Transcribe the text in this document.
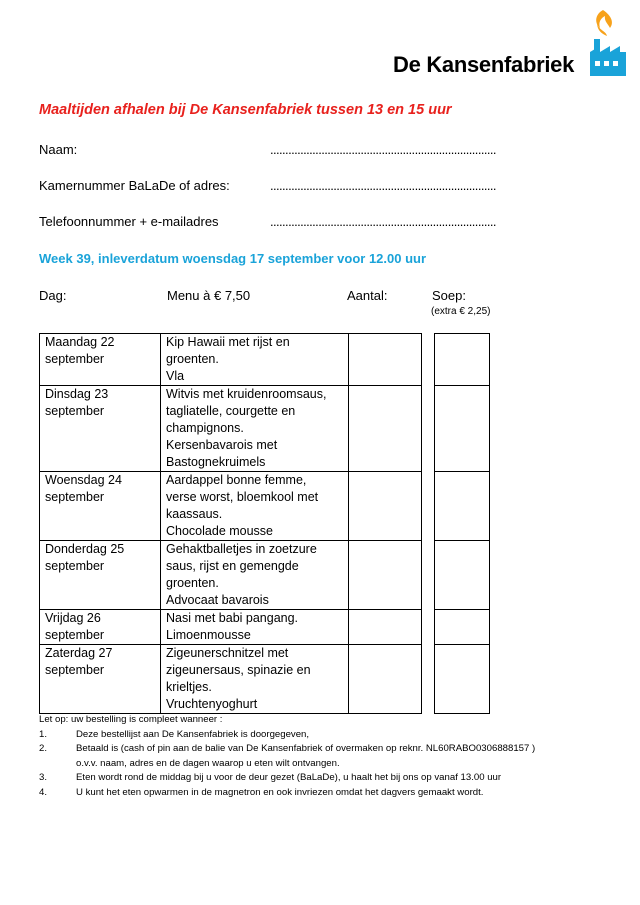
De Kansenfabriek
Maaltijden afhalen bij De Kansenfabriek tussen 13 en 15 uur
Naam:	...........................................................................
Kamernummer BaLaDe of adres:	...........................................................................
Telefoonnummer + e-mailadres	...........................................................................
Week 39, inleverdatum woensdag 17 september voor 12.00 uur
Dag:	Menu à € 7,50	Aantal:	Soep:
(extra € 2,25)
Maandag 22
september	Kip Hawaii met rijst en
groenten.
Vla			

Dinsdag 23
september	Witvis met kruidenroomsaus,
tagliatelle, courgette en
champignons.
Kersenbavarois met
Bastognekruimels			

Woensdag 24
september	Aardappel bonne femme,
verse worst, bloemkool met
kaassaus.
Chocolade mousse			

Donderdag 25
september	Gehaktballetjes in zoetzure
saus, rijst en gemengde
groenten.
Advocaat bavarois			

Vrijdag 26
september	Nasi met babi pangang.
Limoenmousse			

Zaterdag 27
september	Zigeunerschnitzel met
zigeunersaus, spinazie en
krieltjes.
Vruchtenyoghurt			

Let op: uw bestelling is compleet wanneer :
1.	Deze bestellijst aan De Kansenfabriek is doorgegeven,
2.	Betaald is (cash of pin aan de balie van De Kansenfabriek of overmaken op reknr. NL60RABO0306888157 )
o.v.v. naam, adres en de dagen waarop u eten wilt ontvangen.
3.	Eten wordt rond de middag bij u voor de deur gezet (BaLaDe), u haalt het bij ons op vanaf 13.00 uur
4.	U kunt het eten opwarmen in de magnetron en ook invriezen omdat het dagvers gemaakt wordt.
